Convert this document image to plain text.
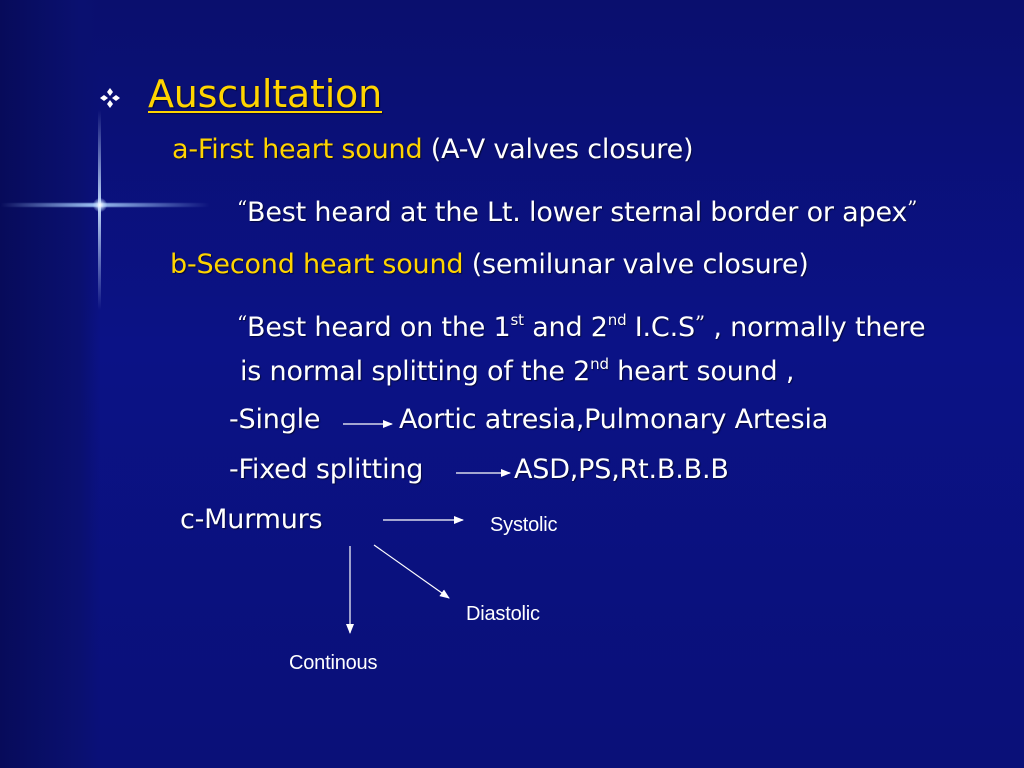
Auscultation
a-First heart sound (A-V valves closure)
“Best heard at the Lt. lower sternal border or apex”
b-Second heart sound (semilunar valve closure)
“Best heard on the 1st and 2nd I.C.S” , normally there
is normal splitting of the 2nd heart sound ,
-Single	Aortic atresia,Pulmonary Artesia
-Fixed splitting	ASD,PS,Rt.B.B.B
c-Murmurs	Systolic
Diastolic
Continous
